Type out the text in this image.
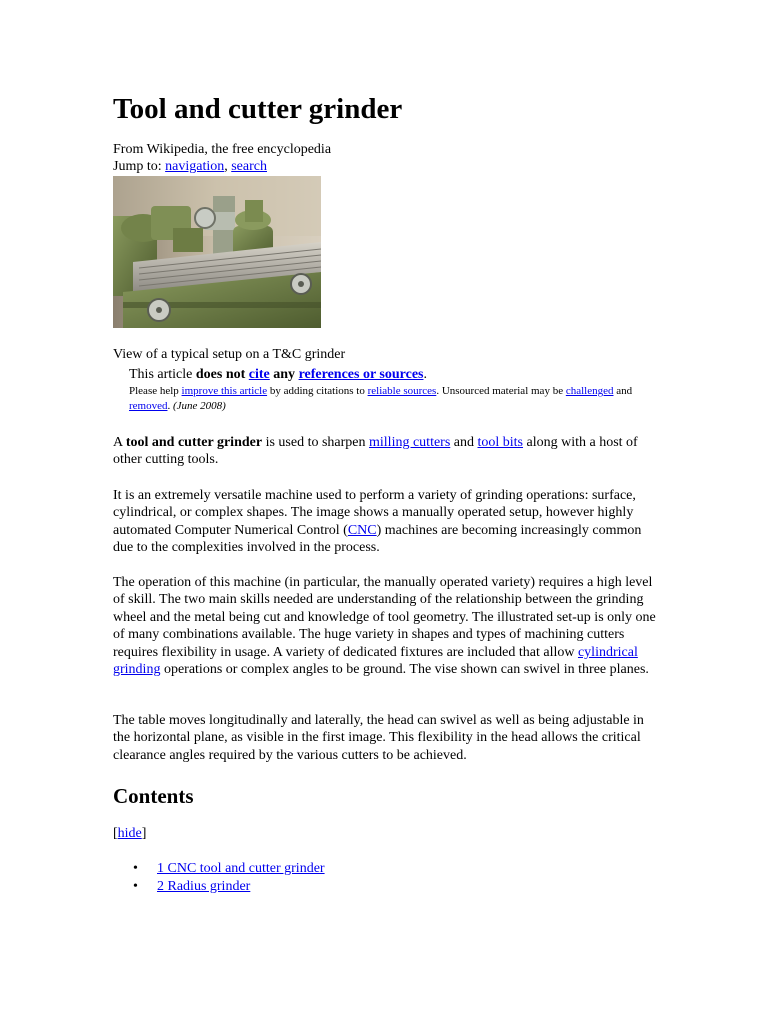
Tool and cutter grinder
From Wikipedia, the free encyclopedia
Jump to: navigation, search
View of a typical setup on a T&C grinder
This article does not cite any references or sources.
Please help improve this article by adding citations to reliable sources. Unsourced material may be challenged and removed. (June 2008)

A tool and cutter grinder is used to sharpen milling cutters and tool bits along with a host of other cutting tools.

It is an extremely versatile machine used to perform a variety of grinding operations: surface, cylindrical, or complex shapes. The image shows a manually operated setup, however highly automated Computer Numerical Control (CNC) machines are becoming increasingly common due to the complexities involved in the process.

The operation of this machine (in particular, the manually operated variety) requires a high level of skill. The two main skills needed are understanding of the relationship between the grinding wheel and the metal being cut and knowledge of tool geometry. The illustrated set-up is only one of many combinations available. The huge variety in shapes and types of machining cutters requires flexibility in usage. A variety of dedicated fixtures are included that allow cylindrical grinding operations or complex angles to be ground. The vise shown can swivel in three planes.

The table moves longitudinally and laterally, the head can swivel as well as being adjustable in the horizontal plane, as visible in the first image. This flexibility in the head allows the critical clearance angles required by the various cutters to be achieved.

Contents
[hide]
• 1 CNC tool and cutter grinder
• 2 Radius grinder
